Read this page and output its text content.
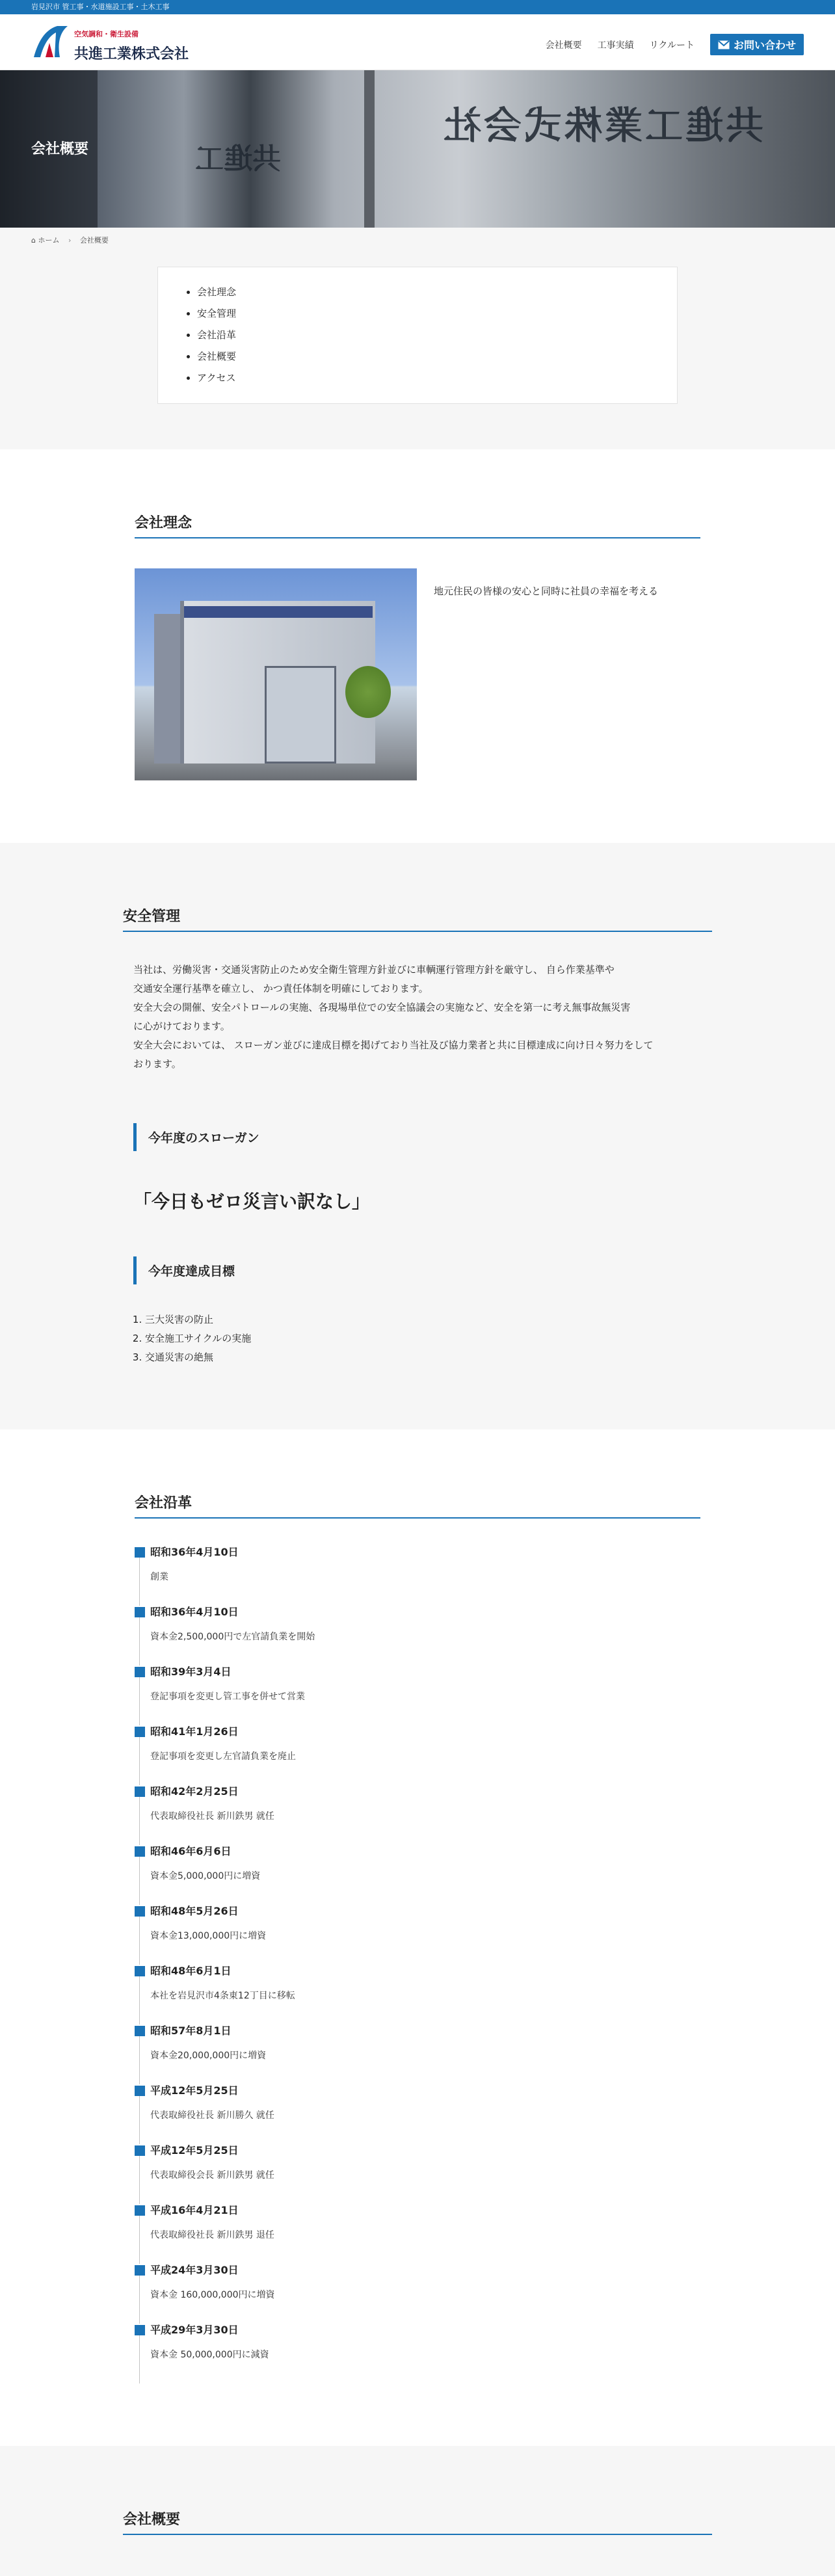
岩見沢市 管工事・水道施設工事・土木工事
空気調和・衛生設備
共進工業株式会社
会社概要 工事実績 リクルート	お問い合わせ
共進工業株式会社
共進工
会社概要
⌂ ホーム › 会社概要
• 会社理念
• 安全管理
• 会社沿革
• 会社概要
• アクセス
会社理念

地元住民の皆様の安心と同時に社員の幸福を考える

安全管理
当社は、労働災害・交通災害防止のため安全衛生管理方針並びに車輌運行管理方針を厳守し、 自ら作業基準や
交通安全運行基準を確立し、 かつ責任体制を明確にしております。
安全大会の開催、安全パトロールの実施、各現場単位での安全協議会の実施など、安全を第一に考え無事故無災害
に心がけております。
安全大会においては、 スローガン並びに達成目標を掲げており当社及び協力業者と共に目標達成に向け日々努力をして
おります。
今年度のスローガン

「今日もゼロ災言い訳なし」

今年度達成目標
1. 三大災害の防止
2. 安全施工サイクルの実施
3. 交通災害の絶無
会社沿革
昭和36年4月10日
創業
昭和36年4月10日
資本金2,500,000円で左官請負業を開始
昭和39年3月4日
登記事項を変更し管工事を併せて営業
昭和41年1月26日
登記事項を変更し左官請負業を廃止
昭和42年2月25日
代表取締役社長 新川鉄男 就任
昭和46年6月6日
資本金5,000,000円に増資
昭和48年5月26日
資本金13,000,000円に増資
昭和48年6月1日
本社を岩見沢市4条東12丁目に移転
昭和57年8月1日
資本金20,000,000円に増資
平成12年5月25日
代表取締役社長 新川勝久 就任
平成12年5月25日
代表取締役会長 新川鉄男 就任
平成16年4月21日
代表取締役社長 新川鉄男 退任
平成24年3月30日
資本金 160,000,000円に増資
平成29年3月30日
資本金 50,000,000円に減資
会社概要
